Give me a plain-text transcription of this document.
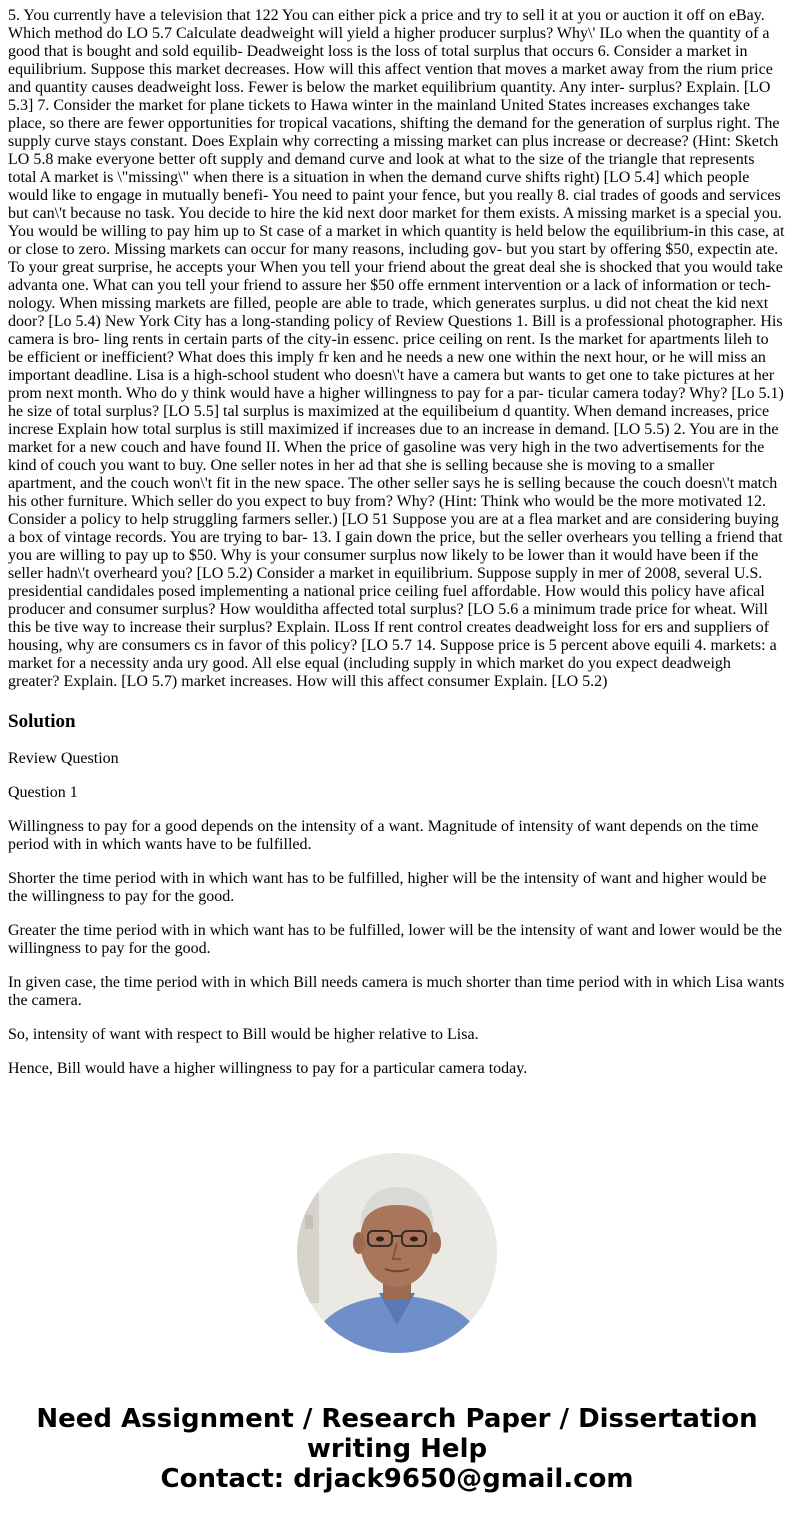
5. You currently have a television that 122 You can either pick a price and try to sell it at you or auction it off on eBay. Which method do LO 5.7 Calculate deadweight will yield a higher producer surplus? Why\' ILo when the quantity of a good that is bought and sold equilib- Deadweight loss is the loss of total surplus that occurs 6. Consider a market in equilibrium. Suppose this market decreases. How will this affect vention that moves a market away from the rium price and quantity causes deadweight loss. Fewer is below the market equilibrium quantity. Any inter- surplus? Explain. [LO 5.3] 7. Consider the market for plane tickets to Hawa winter in the mainland United States increases exchanges take place, so there are fewer opportunities for tropical vacations, shifting the demand for the generation of surplus right. The supply curve stays constant. Does Explain why correcting a missing market can plus increase or decrease? (Hint: Sketch LO 5.8 make everyone better oft supply and demand curve and look at what to the size of the triangle that represents total A market is \"missing\" when there is a situation in when the demand curve shifts right) [LO 5.4] which people would like to engage in mutually benefi- You need to paint your fence, but you really 8. cial trades of goods and services but can\'t because no task. You decide to hire the kid next door market for them exists. A missing market is a special you. You would be willing to pay him up to St case of a market in which quantity is held below the equilibrium-in this case, at or close to zero. Missing markets can occur for many reasons, including gov- but you start by offering $50, expectin ate. To your great surprise, he accepts your When you tell your friend about the great deal she is shocked that you would take advanta one. What can you tell your friend to assure her $50 offe ernment intervention or a lack of information or tech- nology. When missing markets are filled, people are able to trade, which generates surplus. u did not cheat the kid next door? [Lo 5.4) New York City has a long-standing policy of Review Questions 1. Bill is a professional photographer. His camera is bro- ling rents in certain parts of the city-in essenc. price ceiling on rent. Is the market for apartments lileh to be efficient or inefficient? What does this imply fr ken and he needs a new one within the next hour, or he will miss an important deadline. Lisa is a high-school student who doesn\'t have a camera but wants to get one to take pictures at her prom next month. Who do y think would have a higher willingness to pay for a par- ticular camera today? Why? [Lo 5.1) he size of total surplus? [LO 5.5] tal surplus is maximized at the equilibeium d quantity. When demand increases, price increse Explain how total surplus is still maximized if increases due to an increase in demand. [LO 5.5) 2. You are in the market for a new couch and have found II. When the price of gasoline was very high in the two advertisements for the kind of couch you want to buy. One seller notes in her ad that she is selling because she is moving to a smaller apartment, and the couch won\'t fit in the new space. The other seller says he is selling because the couch doesn\'t match his other furniture. Which seller do you expect to buy from? Why? (Hint: Think who would be the more motivated 12. Consider a policy to help struggling farmers seller.) [LO 51 Suppose you are at a flea market and are considering buying a box of vintage records. You are trying to bar- 13. I gain down the price, but the seller overhears you telling a friend that you are willing to pay up to $50. Why is your consumer surplus now likely to be lower than it would have been if the seller hadn\'t overheard you? [LO 5.2) Consider a market in equilibrium. Suppose supply in mer of 2008, several U.S. presidential candidales posed implementing a national price ceiling fuel affordable. How would this policy have afical producer and consumer surplus? How woulditha affected total surplus? [LO 5.6 a minimum trade price for wheat. Will this be tive way to increase their surplus? Explain. ILoss If rent control creates deadweight loss for ers and suppliers of housing, why are consumers cs in favor of this policy? [LO 5.7 14. Suppose price is 5 percent above equili 4. markets: a market for a necessity anda ury good. All else equal (including supply in which market do you expect deadweigh greater? Explain. [LO 5.7) market increases. How will this affect consumer Explain. [LO 5.2)

Solution

Review Question

Question 1

Willingness to pay for a good depends on the intensity of a want. Magnitude of intensity of want depends on the time period with in which wants have to be fulfilled.

Shorter the time period with in which want has to be fulfilled, higher will be the intensity of want and higher would be the willingness to pay for the good.

Greater the time period with in which want has to be fulfilled, lower will be the intensity of want and lower would be the willingness to pay for the good.

In given case, the time period with in which Bill needs camera is much shorter than time period with in which Lisa wants the camera.

So, intensity of want with respect to Bill would be higher relative to Lisa.

Hence, Bill would have a higher willingness to pay for a particular camera today.

Need Assignment / Research Paper / Dissertation
writing Help
Contact: drjack9650@gmail.com
